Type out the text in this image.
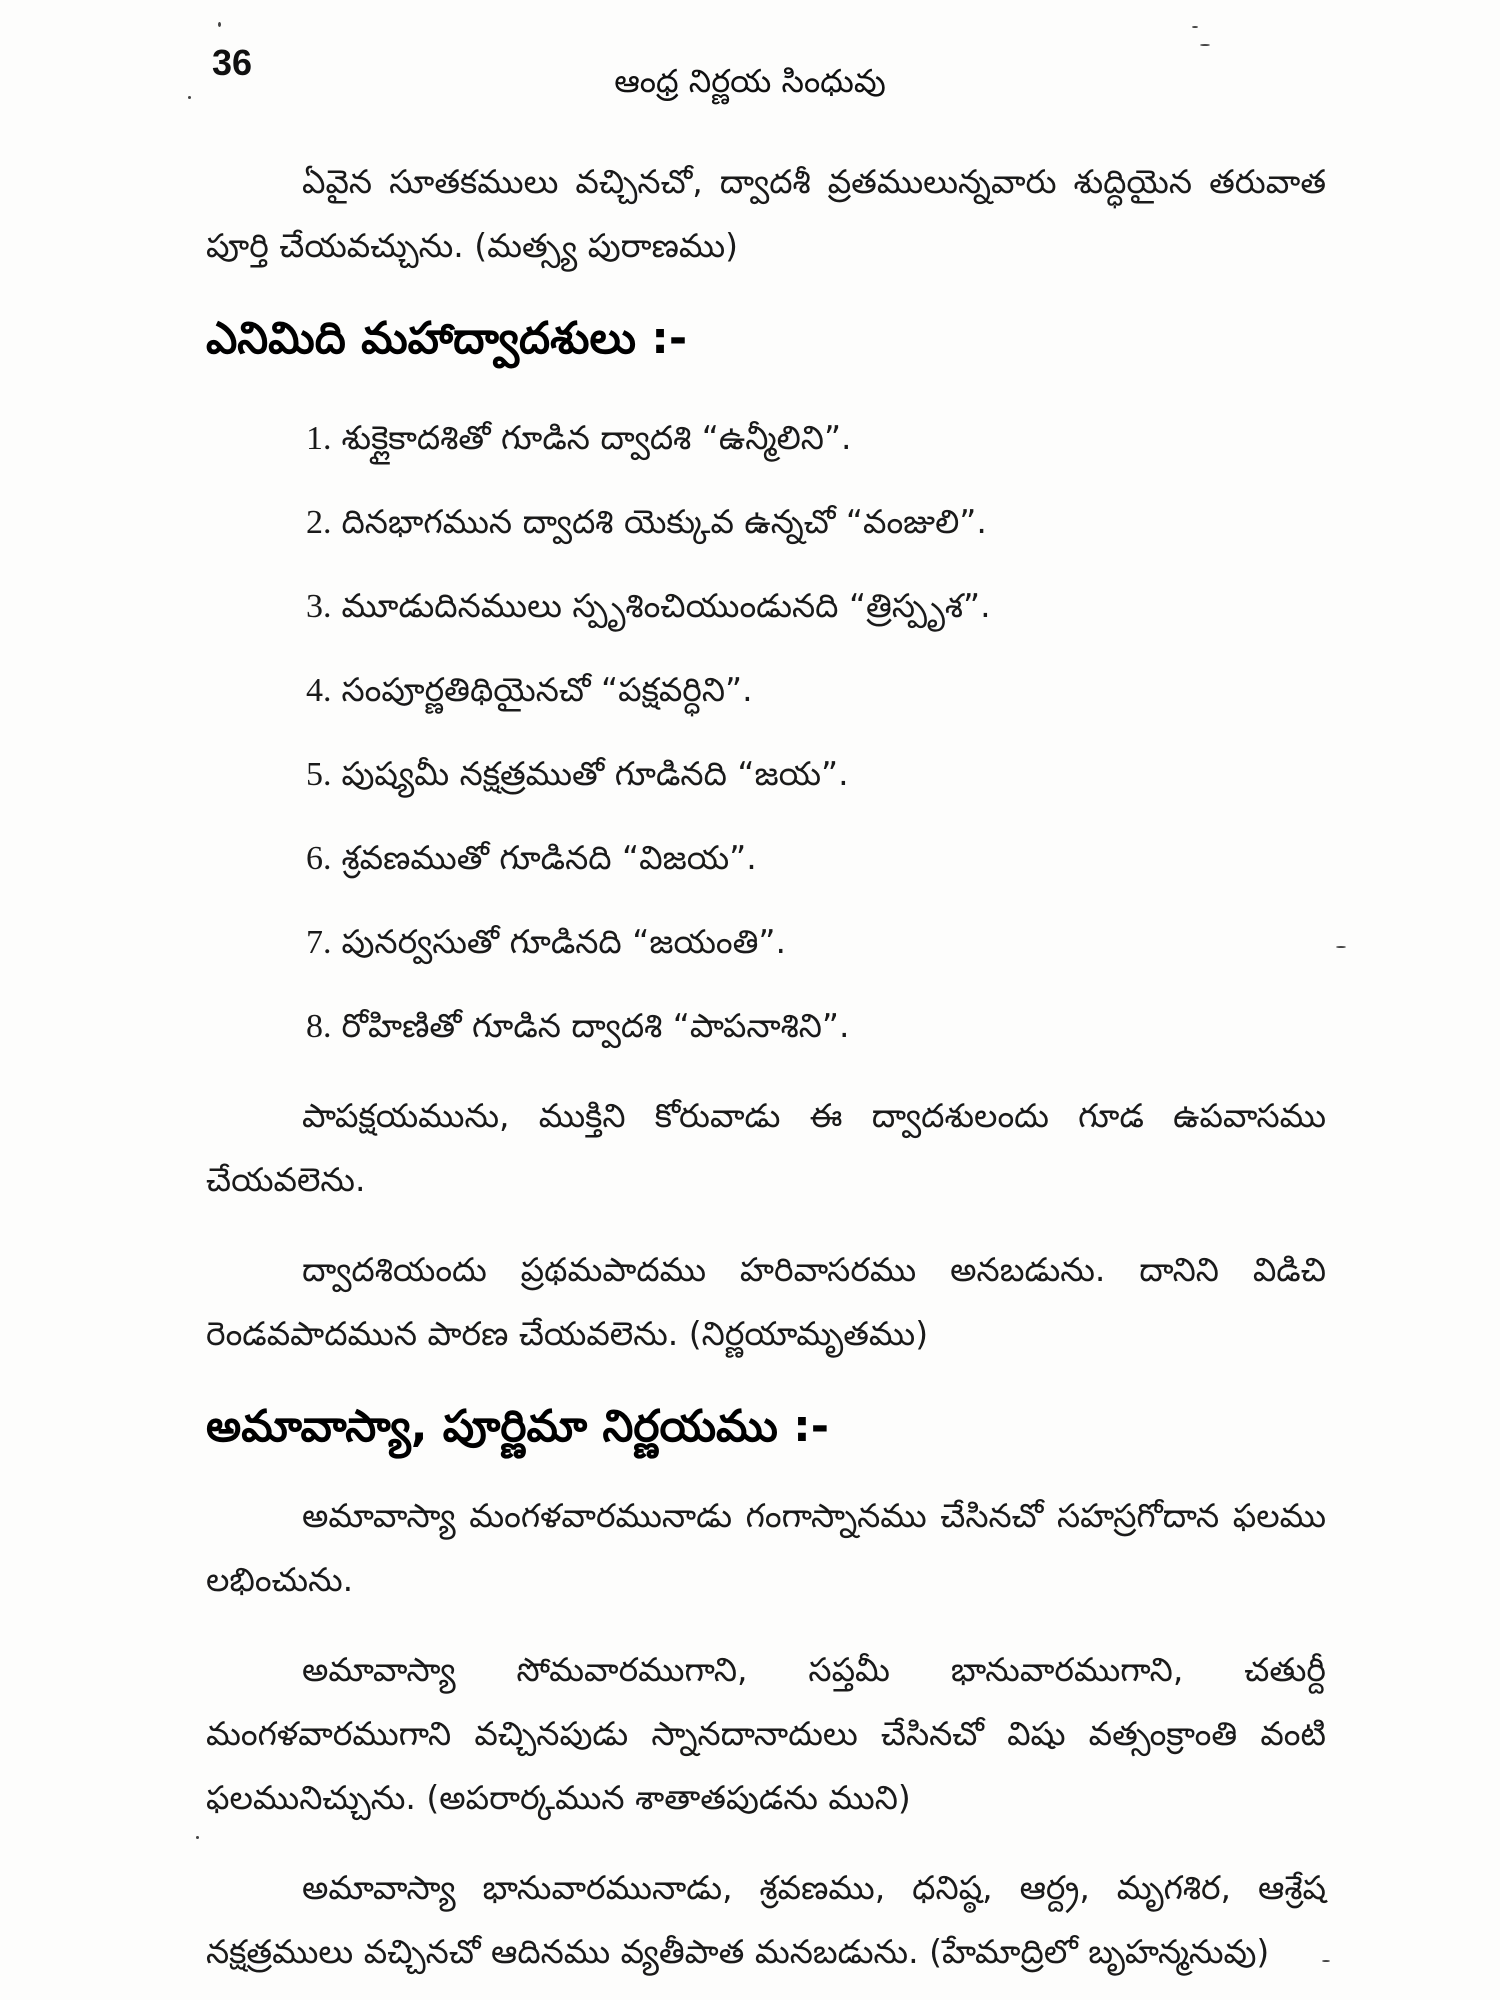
36	ఆంధ్ర నిర్ణయ సింధువు

ఏవైన సూతకములు వచ్చినచో, ద్వాదశీ వ్రతములున్నవారు శుద్ధియైన తరువాత పూర్తి చేయవచ్చును. (మత్స్య పురాణము)

ఎనిమిది మహాద్వాదశులు :-
1. శుక్లైకాదశితో గూడిన ద్వాదశి “ఉన్మీలిని”.
2. దినభాగమున ద్వాదశి యెక్కువ ఉన్నచో “వంజులి”.
3. మూడుదినములు స్పృశించియుండునది “త్రిస్పృశ”.
4. సంపూర్ణతిథియైనచో “పక్షవర్ధిని”.
5. పుష్యమీ నక్షత్రముతో గూడినది “జయ”.
6. శ్రవణముతో గూడినది “విజయ”.
7. పునర్వసుతో గూడినది “జయంతి”.
8. రోహిణితో గూడిన ద్వాదశి “పాపనాశిని”.

పాపక్షయమును, ముక్తిని కోరువాడు ఈ ద్వాదశులందు గూడ ఉపవాసము చేయవలెను.

ద్వాదశియందు ప్రథమపాదము హరివాసరము అనబడును. దానిని విడిచి రెండవపాదమున పారణ చేయవలెను. (నిర్ణయామృతము)

అమావాస్యా, పూర్ణిమా నిర్ణయము :-

అమావాస్యా మంగళవారమునాడు గంగాస్నానము చేసినచో సహస్రగోదాన ఫలము లభించును.

అమావాస్యా సోమవారముగాని, సప్తమీ భానువారముగాని, చతుర్దీ మంగళవారముగాని వచ్చినపుడు స్నానదానాదులు చేసినచో విషు వత్సంక్రాంతి వంటి ఫలమునిచ్చును. (అపరార్కమున శాతాతపుడను ముని)

అమావాస్యా భానువారమునాడు, శ్రవణము, ధనిష్ఠ, ఆర్ద్ర, మృగశిర, ఆశ్రేష నక్షత్రములు వచ్చినచో ఆదినము వ్యతీపాత మనబడును. (హేమాద్రిలో బృహన్మనువు)
